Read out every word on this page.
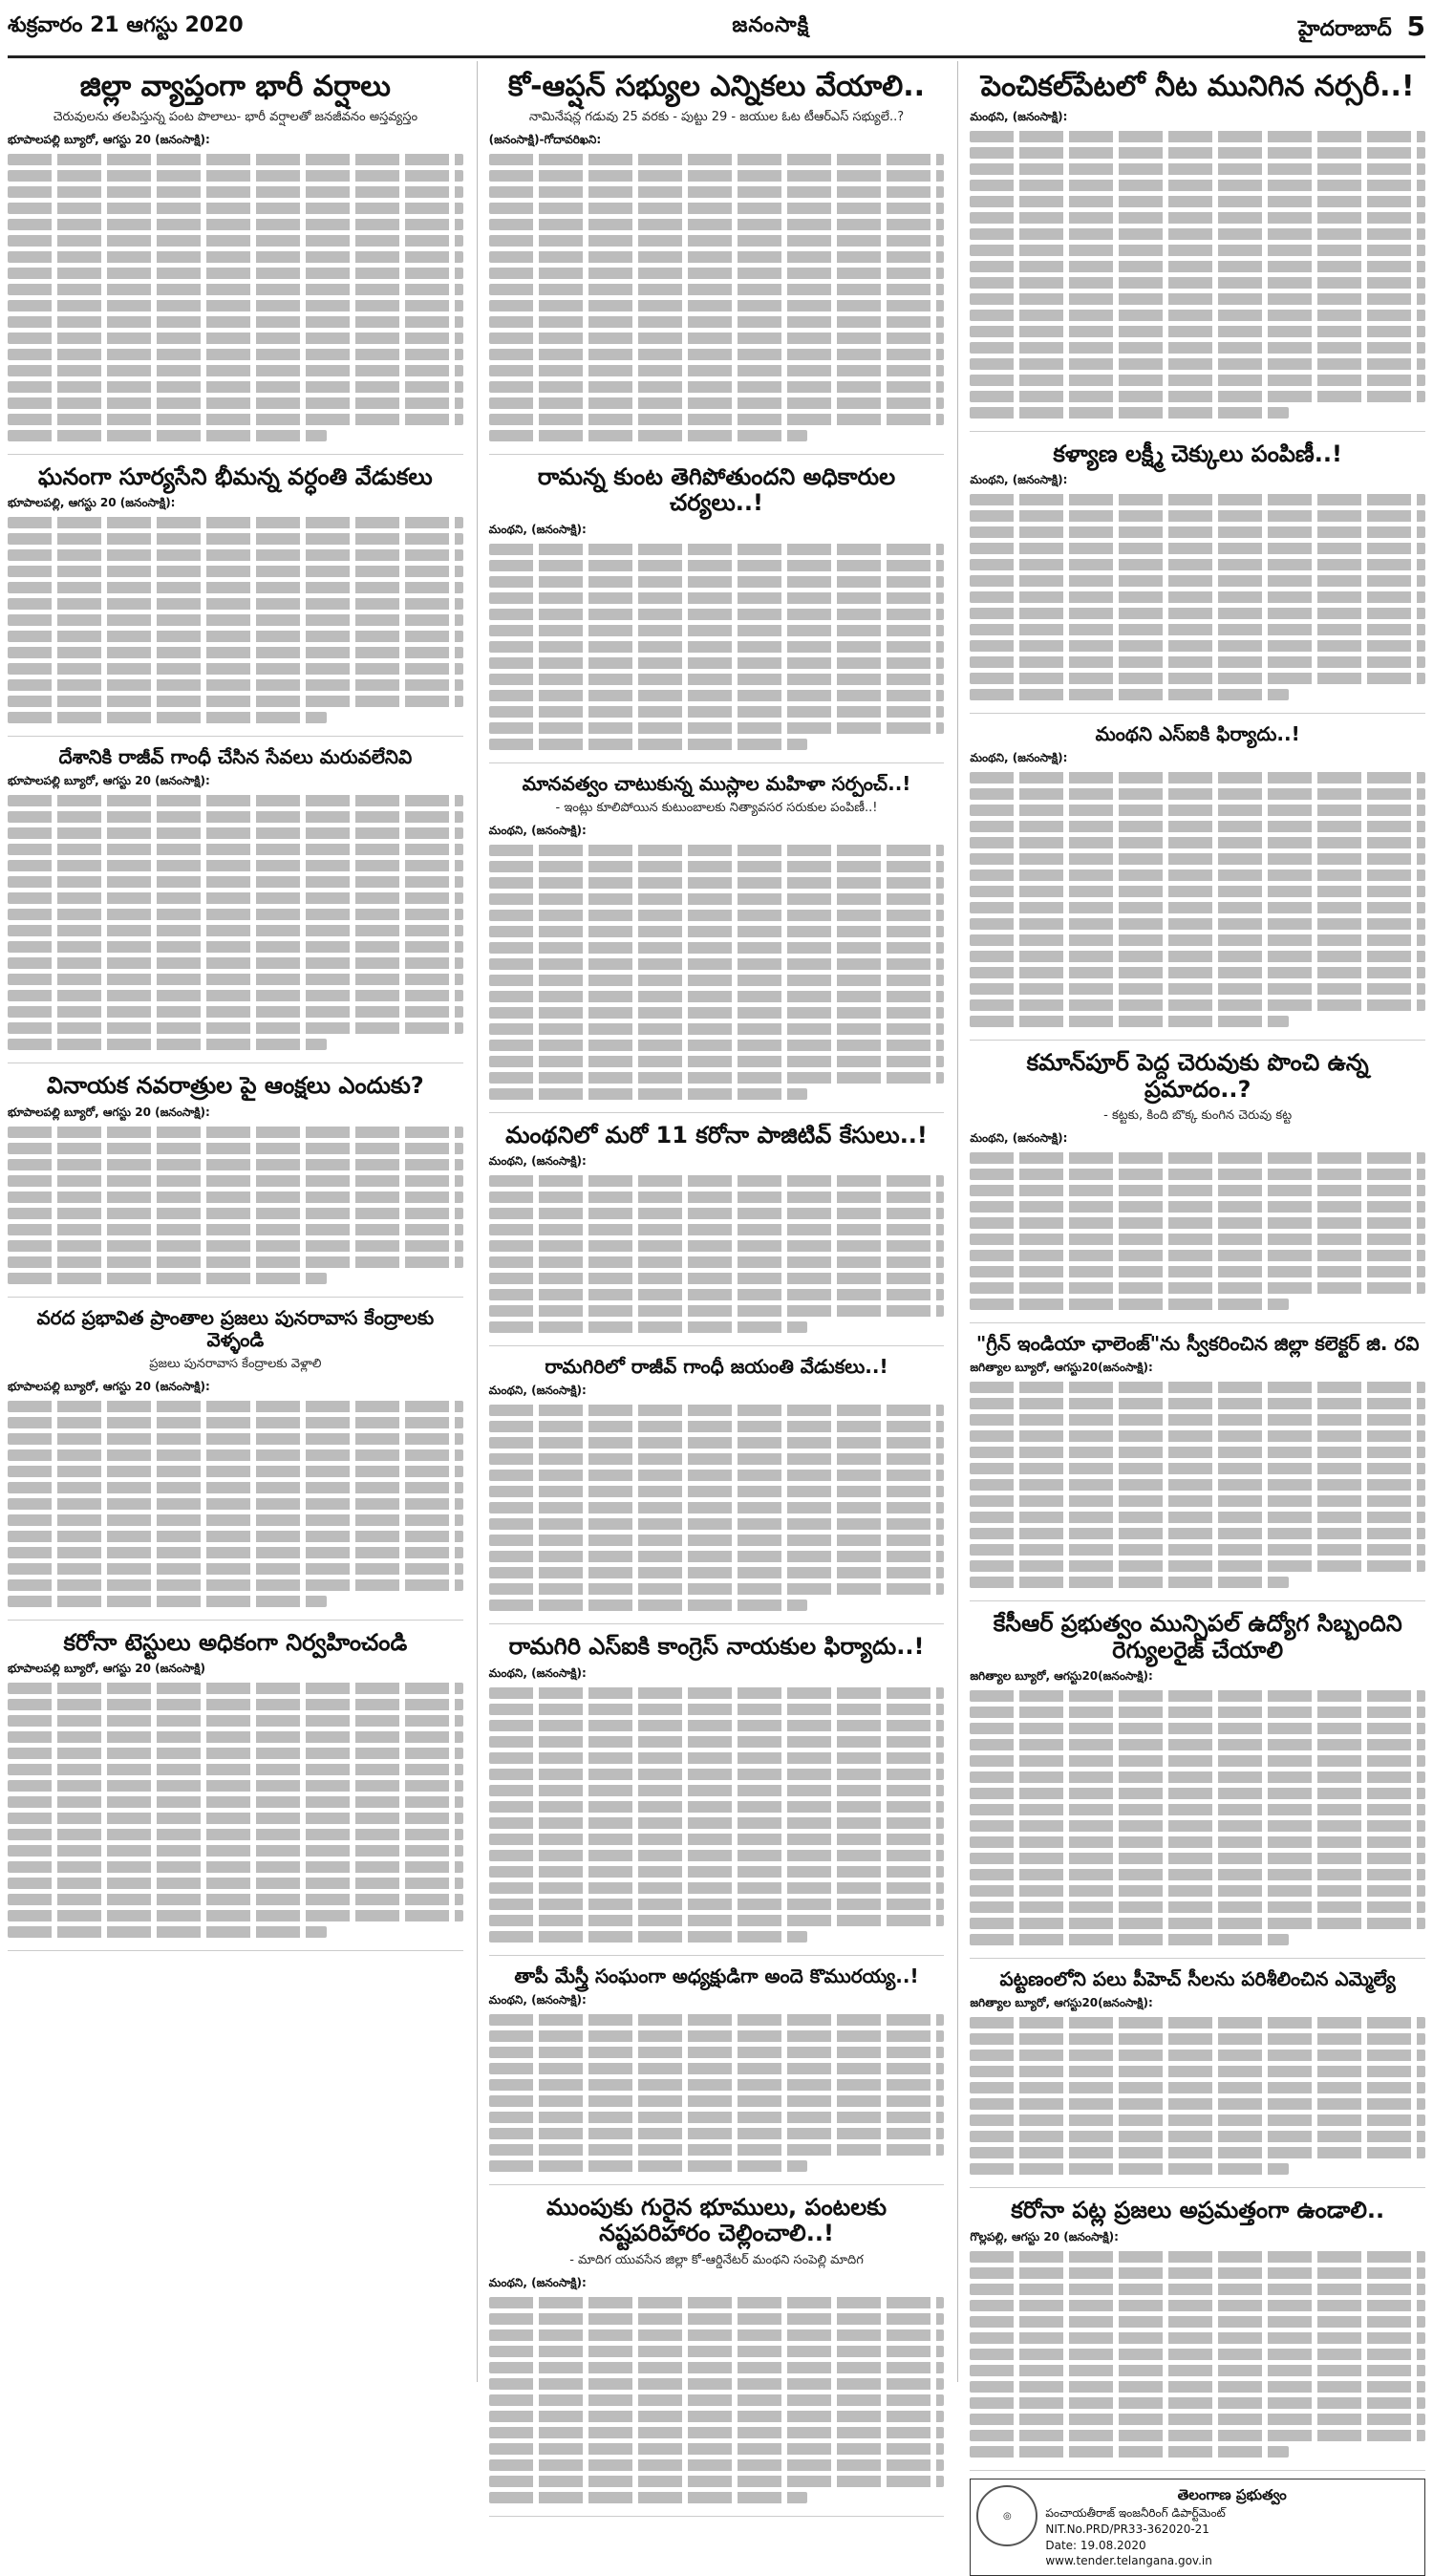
శుక్రవారం 21 ఆగస్టు 2020	జనంసాక్షి	హైదరాబాద్ 5
జిల్లా వ్యాప్తంగా భారీ వర్షాలు
చెరువులను తలపిస్తున్న పంట పొలాలు- భారీ వర్షాలతో జనజీవనం అస్తవ్యస్తం
భూపాలపల్లి బ్యూరో, ఆగస్టు 20 (జనంసాక్షి):
ఘనంగా సూర్యసేని భీమన్న వర్ధంతి వేడుకలు
భూపాలపల్లి, ఆగస్టు 20 (జనంసాక్షి):
దేశానికి రాజీవ్ గాంధీ చేసిన సేవలు మరువలేనివి
భూపాలపల్లి బ్యూరో, ఆగస్టు 20 (జనంసాక్షి):
వినాయక నవరాత్రుల పై ఆంక్షలు ఎందుకు?
భూపాలపల్లి బ్యూరో, ఆగస్టు 20 (జనంసాక్షి):
వరద ప్రభావిత ప్రాంతాల ప్రజలు పునరావాస కేంద్రాలకు వెళ్ళండి
ప్రజలు పునరావాస కేంద్రాలకు వెళ్లాలి
భూపాలపల్లి బ్యూరో, ఆగస్టు 20 (జనంసాక్షి):
కరోనా టెస్టులు అధికంగా నిర్వహించండి
భూపాలపల్లి బ్యూరో, ఆగస్టు 20 (జనంసాక్షి)
కో-ఆప్షన్ సభ్యుల ఎన్నికలు వేయాలి..
నామినేషన్ల గడువు 25 వరకు - పుట్టు 29 - జయుల ఓట టీఆర్ఎస్ సభ్యులే..?
(జనంసాక్షి)-గోదావరిఖని:
రామన్న కుంట తెగిపోతుందని అధికారుల చర్యలు..!
మంథని, (జనంసాక్షి):
మానవత్వం చాటుకున్న ముస్లాల మహిళా సర్పంచ్..!
- ఇంట్లు కూలిపోయిన కుటుంబాలకు నిత్యావసర సరుకుల పంపిణీ..!
మంథని, (జనంసాక్షి):
మంథనిలో మరో 11 కరోనా పాజిటివ్ కేసులు..!
మంథని, (జనంసాక్షి):
రామగిరిలో రాజీవ్ గాంధీ జయంతి వేడుకలు..!
మంథని, (జనంసాక్షి):
రామగిరి ఎస్ఐకి కాంగ్రెస్ నాయకుల ఫిర్యాదు..!
మంథని, (జనంసాక్షి):
తాపీ మేస్త్రీ సంఘంగా అధ్యక్షుడిగా అందె కొమురయ్య..!
మంథని, (జనంసాక్షి):
ముంపుకు గురైన భూములు, పంటలకు నష్టపరిహారం చెల్లించాలి..!
- మాదిగ యువసేన జిల్లా కో-ఆర్డినేటర్ మంథని సంపెల్లి మాదిగ
మంథని, (జనంసాక్షి):
పెంచికల్‌పేటలో నీట మునిగిన నర్సరీ..!
మంథని, (జనంసాక్షి):
కళ్యాణ లక్ష్మీ చెక్కులు పంపిణీ..!
మంథని, (జనంసాక్షి):
మంథని ఎస్ఐకి ఫిర్యాదు..!
మంథని, (జనంసాక్షి):
కమాన్‌పూర్ పెద్ద చెరువుకు పొంచి ఉన్న ప్రమాదం..?
- కట్టకు, కింది బొక్క కుంగిన చెరువు కట్ట
మంథని, (జనంసాక్షి):
"గ్రీన్ ఇండియా ఛాలెంజ్"ను స్వీకరించిన జిల్లా కలెక్టర్ జి. రవి
జగిత్యాల బ్యూరో, ఆగస్టు20(జనంసాక్షి):
కేసీఆర్ ప్రభుత్వం మున్సిపల్ ఉద్యోగ సిబ్బందిని రెగ్యులరైజ్ చేయాలి
జగిత్యాల బ్యూరో, ఆగస్టు20(జనంసాక్షి):
పట్టణంలోని పలు పీహెచ్ సీలను పరిశీలించిన ఎమ్మెల్యే
జగిత్యాల బ్యూరో, ఆగస్టు20(జనంసాక్షి):
కరోనా పట్ల ప్రజలు అప్రమత్తంగా ఉండాలి..
గొల్లపల్లి, ఆగస్టు 20 (జనంసాక్షి):
◎
తెలంగాణ ప్రభుత్వం
పంచాయతీరాజ్ ఇంజనీరింగ్ డిపార్ట్‌మెంట్
NIT.No.PRD/PR33-362020-21
Date: 19.08.2020
www.tender.telangana.gov.in
